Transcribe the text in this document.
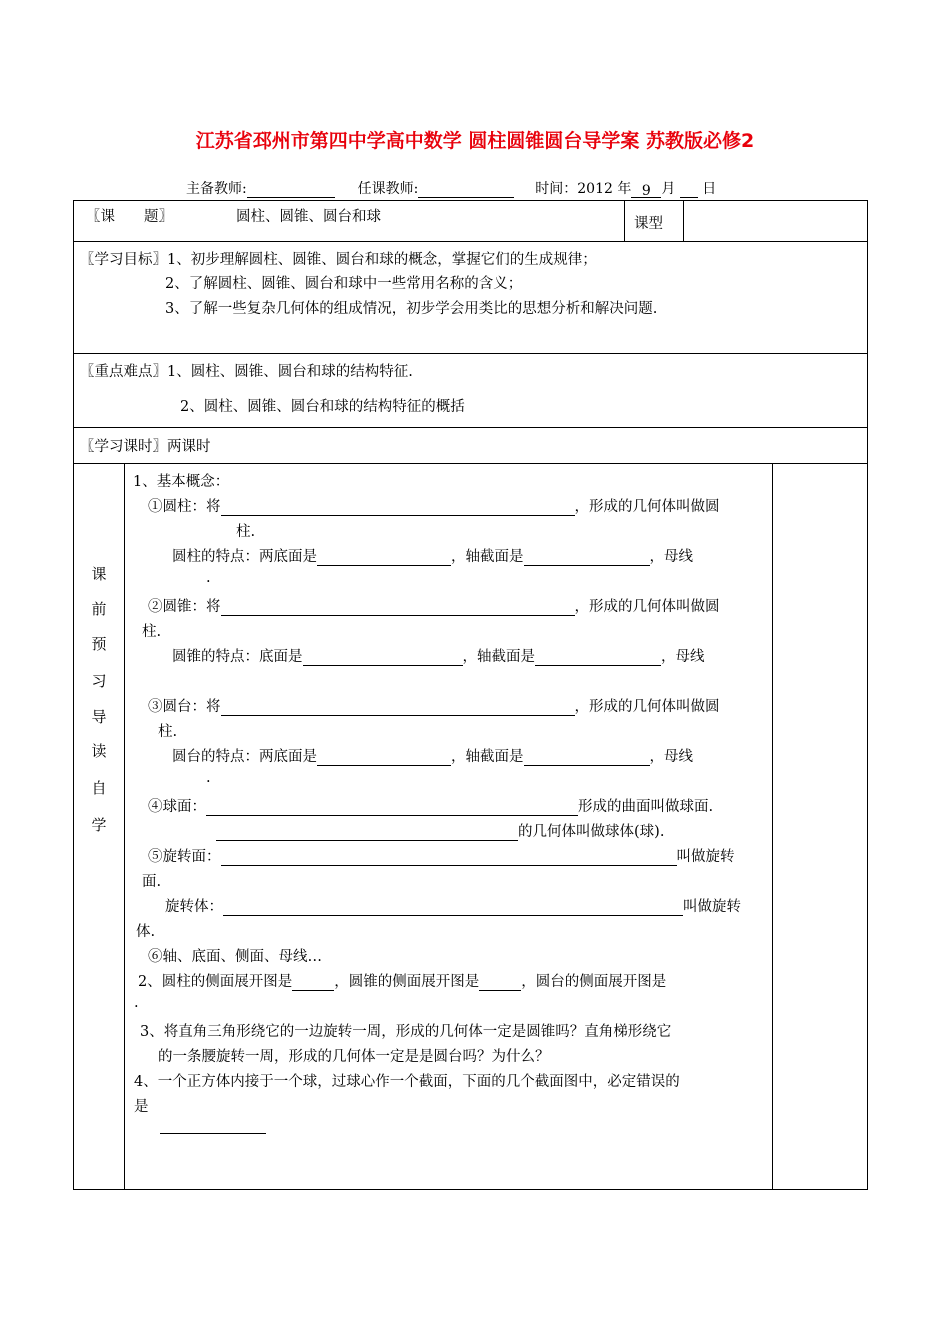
江苏省邳州市第四中学高中数学 圆柱圆锥圆台导学案 苏教版必修2
主备教师:	任课教师:	时间：2012 年 9 月 日
〖课　　题〗	圆柱、圆锥、圆台和球	课型
〖学习目标〗1、初步理解圆柱、圆锥、圆台和球的概念，掌握它们的生成规律；
2、了解圆柱、圆锥、圆台和球中一些常用名称的含义；
3、了解一些复杂几何体的组成情况，初步学会用类比的思想分析和解决问题.
〖重点难点〗1、圆柱、圆锥、圆台和球的结构特征.
2、圆柱、圆锥、圆台和球的结构特征的概括
〖学习课时〗两课时
课
前
预
习
导
读
自
学
1、基本概念：
①圆柱：将	，形成的几何体叫做圆
柱.
圆柱的特点：两底面是	，轴截面是	，母线
.
②圆锥：将	，形成的几何体叫做圆
柱.
圆锥的特点：底面是	，轴截面是	，母线
③圆台：将	，形成的几何体叫做圆
柱.
圆台的特点：两底面是	，轴截面是	，母线
.
④球面：	形成的曲面叫做球面.
的几何体叫做球体(球).
⑤旋转面：	叫做旋转
面.
旋转体：	叫做旋转
体.
⑥轴、底面、侧面、母线…
2、圆柱的侧面展开图是	，圆锥的侧面展开图是	，圆台的侧面展开图是
.
3、将直角三角形绕它的一边旋转一周，形成的几何体一定是圆锥吗？直角梯形绕它
的一条腰旋转一周，形成的几何体一定是是圆台吗？为什么？
4、一个正方体内接于一个球，过球心作一个截面，下面的几个截面图中，必定错误的
是
